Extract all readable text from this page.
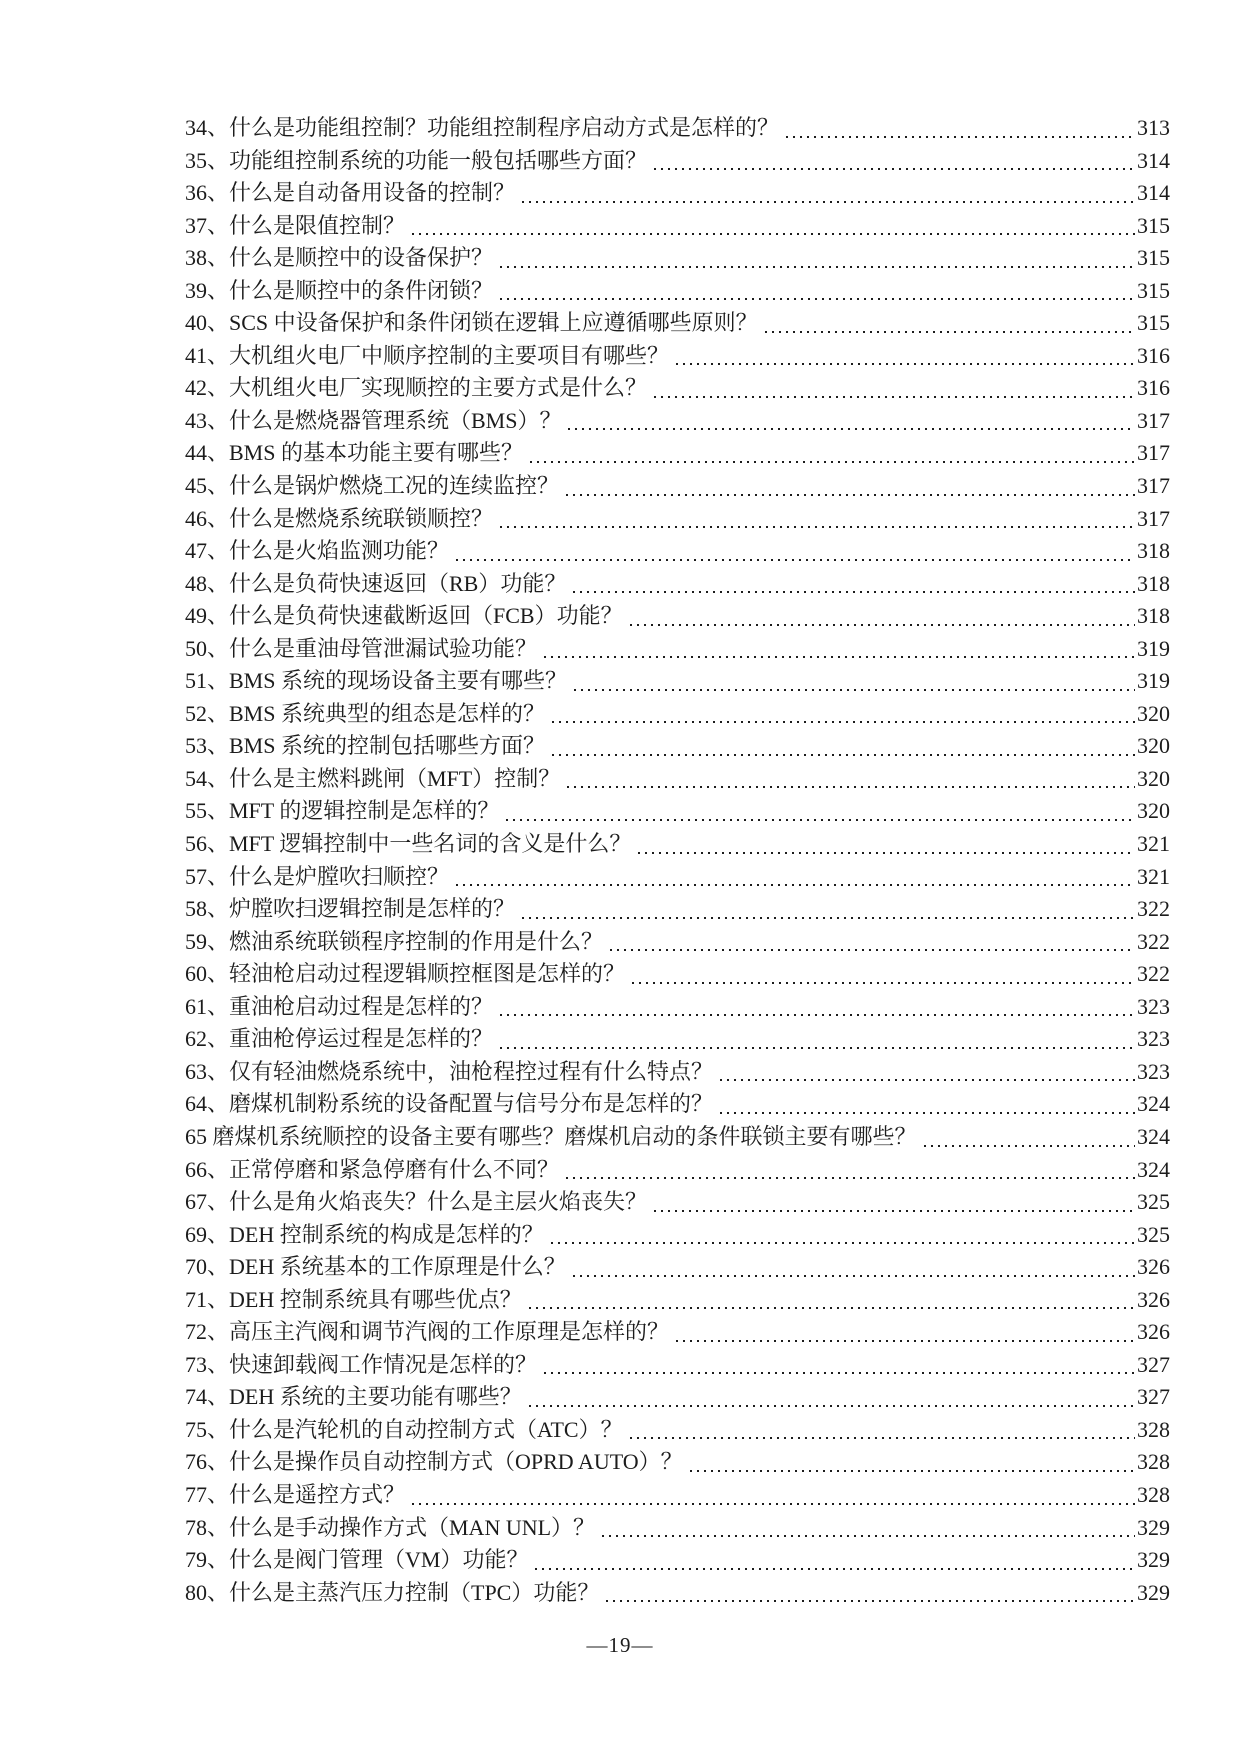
34、什么是功能组控制？功能组控制程序启动方式是怎样的？	313
35、功能组控制系统的功能一般包括哪些方面？	314
36、什么是自动备用设备的控制？	314
37、什么是限值控制？	315
38、什么是顺控中的设备保护？	315
39、什么是顺控中的条件闭锁？	315
40、SCS 中设备保护和条件闭锁在逻辑上应遵循哪些原则？	315
41、大机组火电厂中顺序控制的主要项目有哪些？	316
42、大机组火电厂实现顺控的主要方式是什么？	316
43、什么是燃烧器管理系统（BMS）？	317
44、BMS 的基本功能主要有哪些？	317
45、什么是锅炉燃烧工况的连续监控？	317
46、什么是燃烧系统联锁顺控？	317
47、什么是火焰监测功能？	318
48、什么是负荷快速返回（RB）功能？	318
49、什么是负荷快速截断返回（FCB）功能？	318
50、什么是重油母管泄漏试验功能？	319
51、BMS 系统的现场设备主要有哪些？	319
52、BMS 系统典型的组态是怎样的？	320
53、BMS 系统的控制包括哪些方面？	320
54、什么是主燃料跳闸（MFT）控制？	320
55、MFT 的逻辑控制是怎样的？	320
56、MFT 逻辑控制中一些名词的含义是什么？	321
57、什么是炉膛吹扫顺控？	321
58、炉膛吹扫逻辑控制是怎样的？	322
59、燃油系统联锁程序控制的作用是什么？	322
60、轻油枪启动过程逻辑顺控框图是怎样的？	322
61、重油枪启动过程是怎样的？	323
62、重油枪停运过程是怎样的？	323
63、仅有轻油燃烧系统中，油枪程控过程有什么特点？	323
64、磨煤机制粉系统的设备配置与信号分布是怎样的？	324
65 磨煤机系统顺控的设备主要有哪些？磨煤机启动的条件联锁主要有哪些？	324
66、正常停磨和紧急停磨有什么不同？	324
67、什么是角火焰丧失？什么是主层火焰丧失？	325
69、DEH 控制系统的构成是怎样的？	325
70、DEH 系统基本的工作原理是什么？	326
71、DEH 控制系统具有哪些优点？	326
72、高压主汽阀和调节汽阀的工作原理是怎样的？	326
73、快速卸载阀工作情况是怎样的？	327
74、DEH 系统的主要功能有哪些？	327
75、什么是汽轮机的自动控制方式（ATC）？	328
76、什么是操作员自动控制方式（OPRD AUTO）？	328
77、什么是遥控方式？	328
78、什么是手动操作方式（MAN UNL）？	329
79、什么是阀门管理（VM）功能？	329
80、什么是主蒸汽压力控制（TPC）功能？	329
—19—
